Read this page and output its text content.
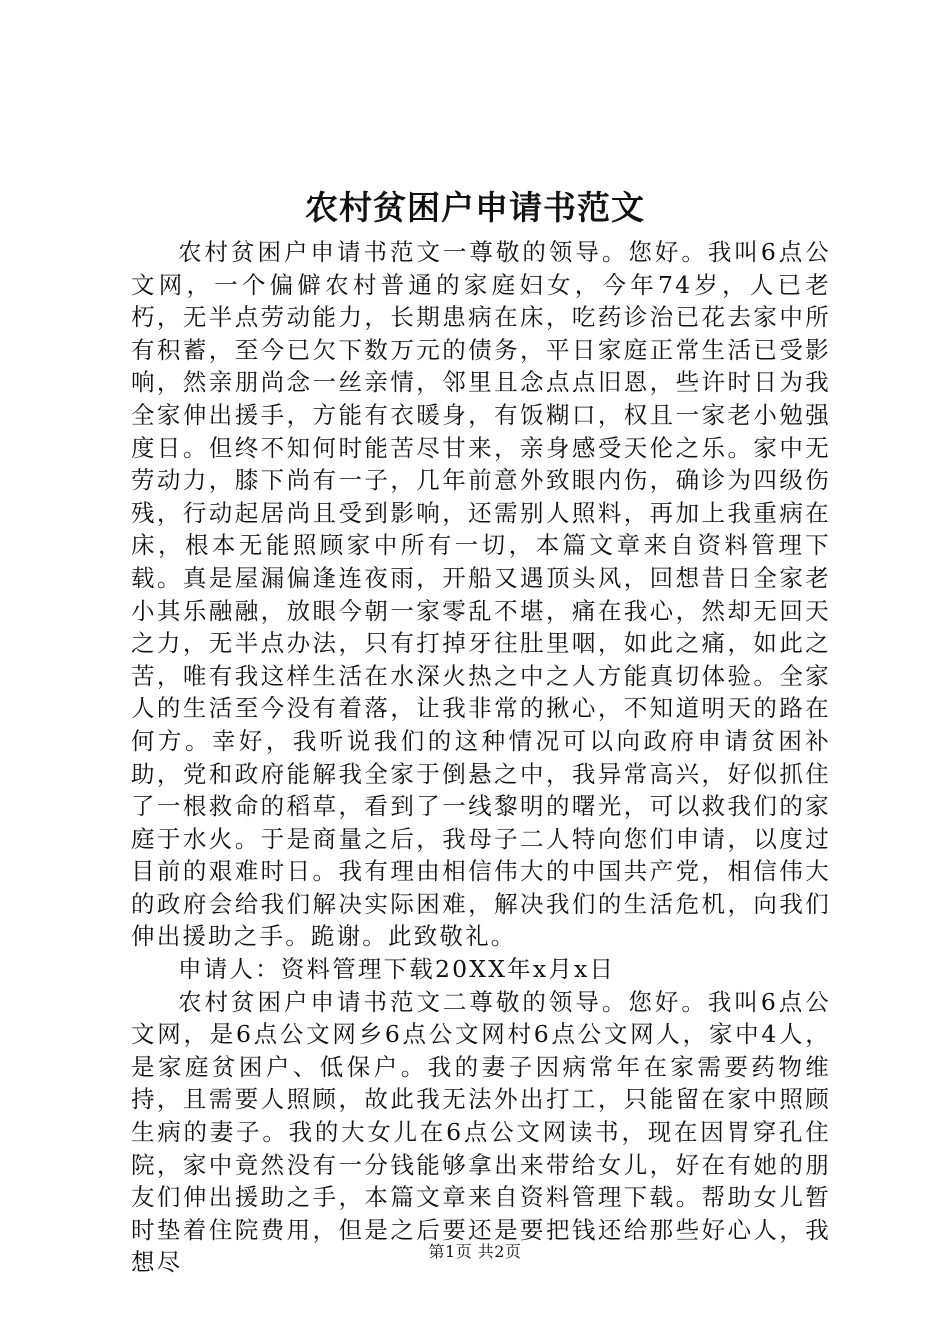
农村贫困户申请书范文

农村贫困户申请书范文一尊敬的领导。您好。我叫6点公文网，一个偏僻农村普通的家庭妇女，今年74岁，人已老朽，无半点劳动能力，长期患病在床，吃药诊治已花去家中所有积蓄，至今已欠下数万元的债务，平日家庭正常生活已受影响，然亲朋尚念一丝亲情，邻里且念点点旧恩，些许时日为我全家伸出援手，方能有衣暖身，有饭糊口，权且一家老小勉强度日。但终不知何时能苦尽甘来，亲身感受天伦之乐。家中无劳动力，膝下尚有一子，几年前意外致眼内伤，确诊为四级伤残，行动起居尚且受到影响，还需别人照料，再加上我重病在床，根本无能照顾家中所有一切，本篇文章来自资料管理下载。真是屋漏偏逢连夜雨，开船又遇顶头风，回想昔日全家老小其乐融融，放眼今朝一家零乱不堪，痛在我心，然却无回天之力，无半点办法，只有打掉牙往肚里咽，如此之痛，如此之苦，唯有我这样生活在水深火热之中之人方能真切体验。全家人的生活至今没有着落，让我非常的揪心，不知道明天的路在何方。幸好，我听说我们的这种情况可以向政府申请贫困补助，党和政府能解我全家于倒悬之中，我异常高兴，好似抓住了一根救命的稻草，看到了一线黎明的曙光，可以救我们的家庭于水火。于是商量之后，我母子二人特向您们申请，以度过目前的艰难时日。我有理由相信伟大的中国共产党，相信伟大的政府会给我们解决实际困难，解决我们的生活危机，向我们伸出援助之手。跪谢。此致敬礼。

申请人：资料管理下载20XX年x月x日

农村贫困户申请书范文二尊敬的领导。您好。我叫6点公文网，是6点公文网乡6点公文网村6点公文网人，家中4人，是家庭贫困户、低保户。我的妻子因病常年在家需要药物维持，且需要人照顾，故此我无法外出打工，只能留在家中照顾生病的妻子。我的大女儿在6点公文网读书，现在因胃穿孔住院，家中竟然没有一分钱能够拿出来带给女儿，好在有她的朋友们伸出援助之手，本篇文章来自资料管理下载。帮助女儿暂时垫着住院费用，但是之后要还是要把钱还给那些好心人，我想尽	第1页 共2页
